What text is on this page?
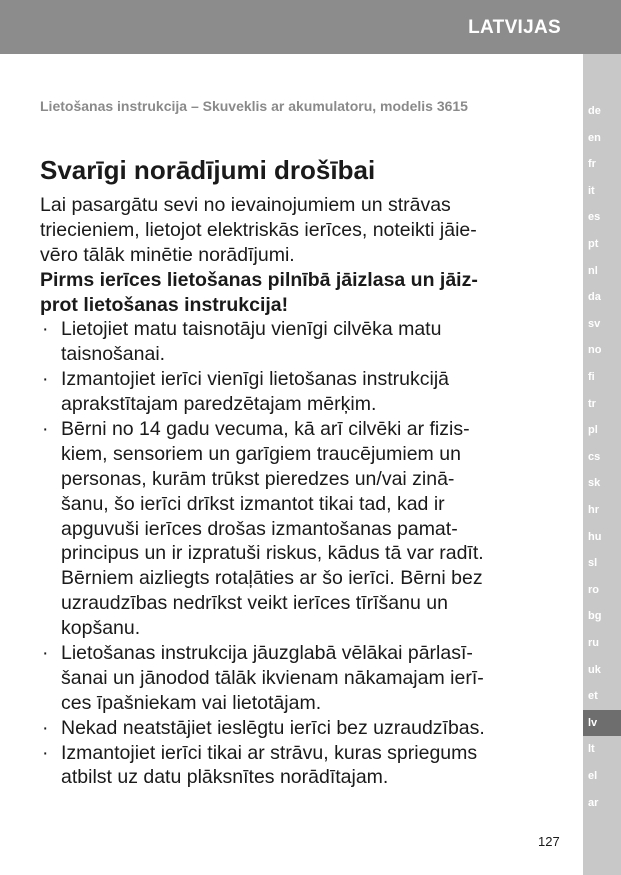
LATVIJAS
de
en
fr
it
es
pt
nl
da
sv
no
fi
tr
pl
cs
sk
hr
hu
sl
ro
bg
ru
uk
et
lv
lt
el
ar
Lietošanas instrukcija – Skuveklis ar akumulatoru, modelis 3615
Svarīgi norādījumi drošībai
Lai pasargātu sevi no ievainojumiem un strāvas
triecieniem, lietojot elektriskās ierīces, noteikti jāie-
vēro tālāk minētie norādījumi.
Pirms ierīces lietošanas pilnībā jāizlasa un jāiz-
prot lietošanas instrukcija!
· Lietojiet matu taisnotāju vienīgi cilvēka matu
taisnošanai.
· Izmantojiet ierīci vienīgi lietošanas instrukcijā
aprakstītajam paredzētajam mērķim.
· Bērni no 14 gadu vecuma, kā arī cilvēki ar fizis-
kiem, sensoriem un garīgiem traucējumiem un
personas, kurām trūkst pieredzes un/vai zinā-
šanu, šo ierīci drīkst izmantot tikai tad, kad ir
apguvuši ierīces drošas izmantošanas pamat-
principus un ir izpratuši riskus, kādus tā var radīt.
Bērniem aizliegts rotaļāties ar šo ierīci. Bērni bez
uzraudzības nedrīkst veikt ierīces tīrīšanu un
kopšanu.
· Lietošanas instrukcija jāuzglabā vēlākai pārlasī-
šanai un jānodod tālāk ikvienam nākamajam ierī-
ces īpašniekam vai lietotājam.
· Nekad neatstājiet ieslēgtu ierīci bez uzraudzības.
· Izmantojiet ierīci tikai ar strāvu, kuras spriegums
atbilst uz datu plāksnītes norādītajam.
127
